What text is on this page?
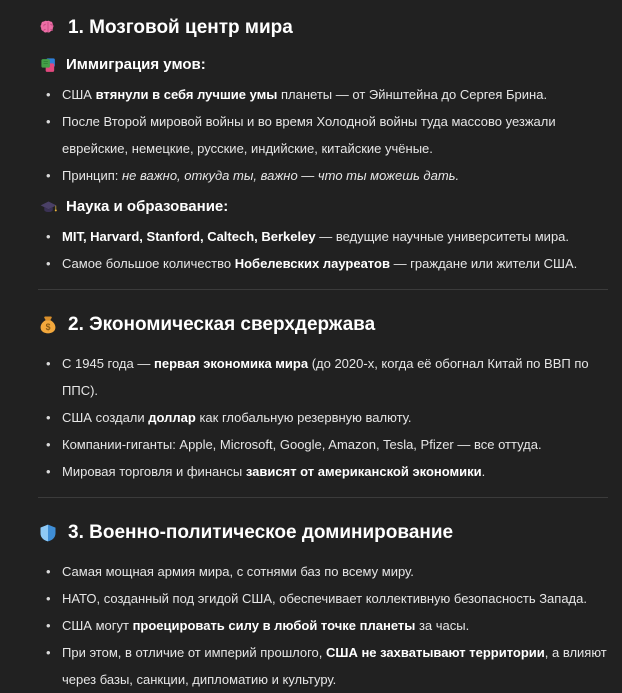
1. Мозговой центр мира
Иммиграция умов:
• США втянули в себя лучшие умы планеты — от Эйнштейна до Сергея Брина.
• После Второй мировой войны и во время Холодной войны туда массово уезжали еврейские, немецкие, русские, индийские, китайские учёные.
• Принцип: не важно, откуда ты, важно — что ты можешь дать.
Наука и образование:
• MIT, Harvard, Stanford, Caltech, Berkeley — ведущие научные университеты мира.
• Самое большое количество Нобелевских лауреатов — граждане или жители США.
$ 2. Экономическая сверхдержава
• С 1945 года — первая экономика мира (до 2020-х, когда её обогнал Китай по ВВП по ППС).
• США создали доллар как глобальную резервную валюту.
• Компании-гиганты: Apple, Microsoft, Google, Amazon, Tesla, Pfizer — все оттуда.
• Мировая торговля и финансы зависят от американской экономики.
3. Военно-политическое доминирование
• Самая мощная армия мира, с сотнями баз по всему миру.
• НАТО, созданный под эгидой США, обеспечивает коллективную безопасность Запада.
• США могут проецировать силу в любой точке планеты за часы.
• При этом, в отличие от империй прошлого, США не захватывают территории, а влияют через базы, санкции, дипломатию и культуру.
